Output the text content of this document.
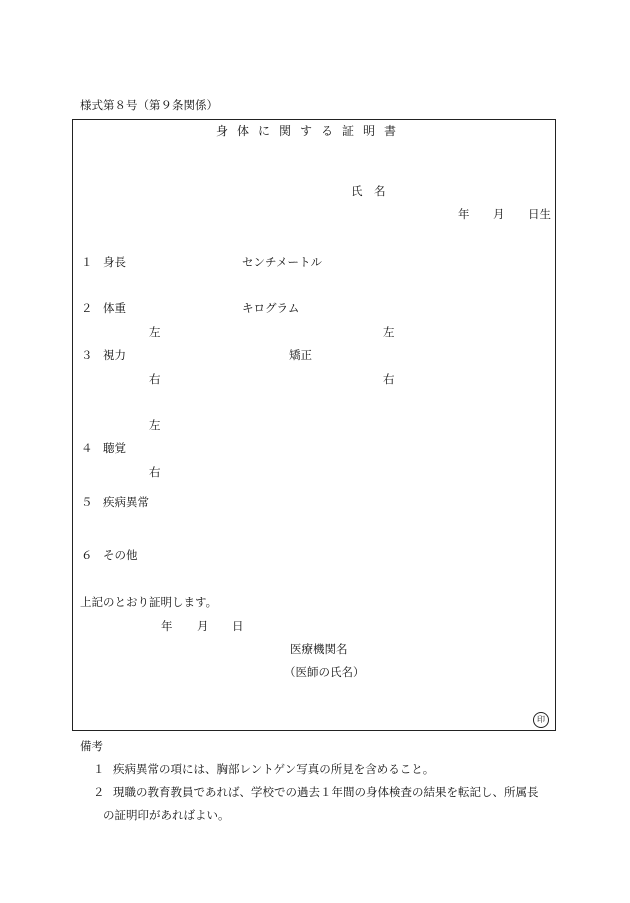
様式第８号（第９条関係）
身体に関する証明書
氏　名
年 月 日生
１ 身長	センチメートル
２ 体重	キログラム
左	左
３ 視力	矯正
右	右
左
４ 聴覚
右
５ 疾病異常
６ その他
上記のとおり証明します。
年 月 日
医療機関名
（医師の氏名）
印
備考
１ 疾病異常の項には、胸部レントゲン写真の所見を含めること。
２ 現職の教育教員であれば、学校での過去１年間の身体検査の結果を転記し、所属長
の証明印があればよい。
